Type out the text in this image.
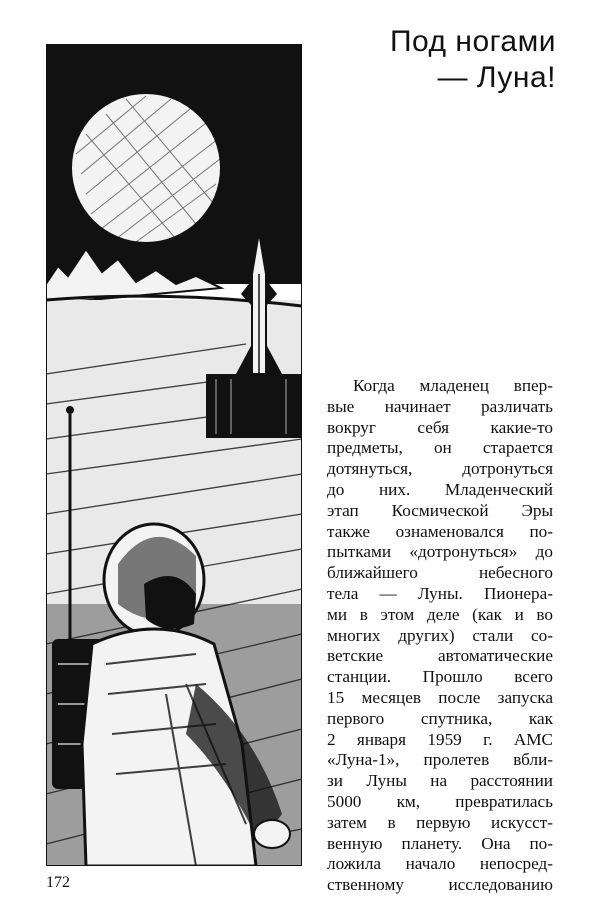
Под ногами
— Луна!
Когда младенец впер-
вые начинает различать
вокруг себя какие-то
предметы, он старается
дотянуться, дотронуться
до них. Младенческий
этап Космической Эры
также ознаменовался по-
пытками «дотронуться» до
ближайшего небесного
тела — Луны. Пионера-
ми в этом деле (как и во
многих других) стали со-
ветские автоматические
станции. Прошло всего
15 месяцев после запуска
первого спутника, как
2 января 1959 г. АМС
«Луна-1», пролетев вбли-
зи Луны на расстоянии
5000 км, превратилась
затем в первую искусст-
венную планету. Она по-
ложила начало непосред-
ственному исследованию
172
